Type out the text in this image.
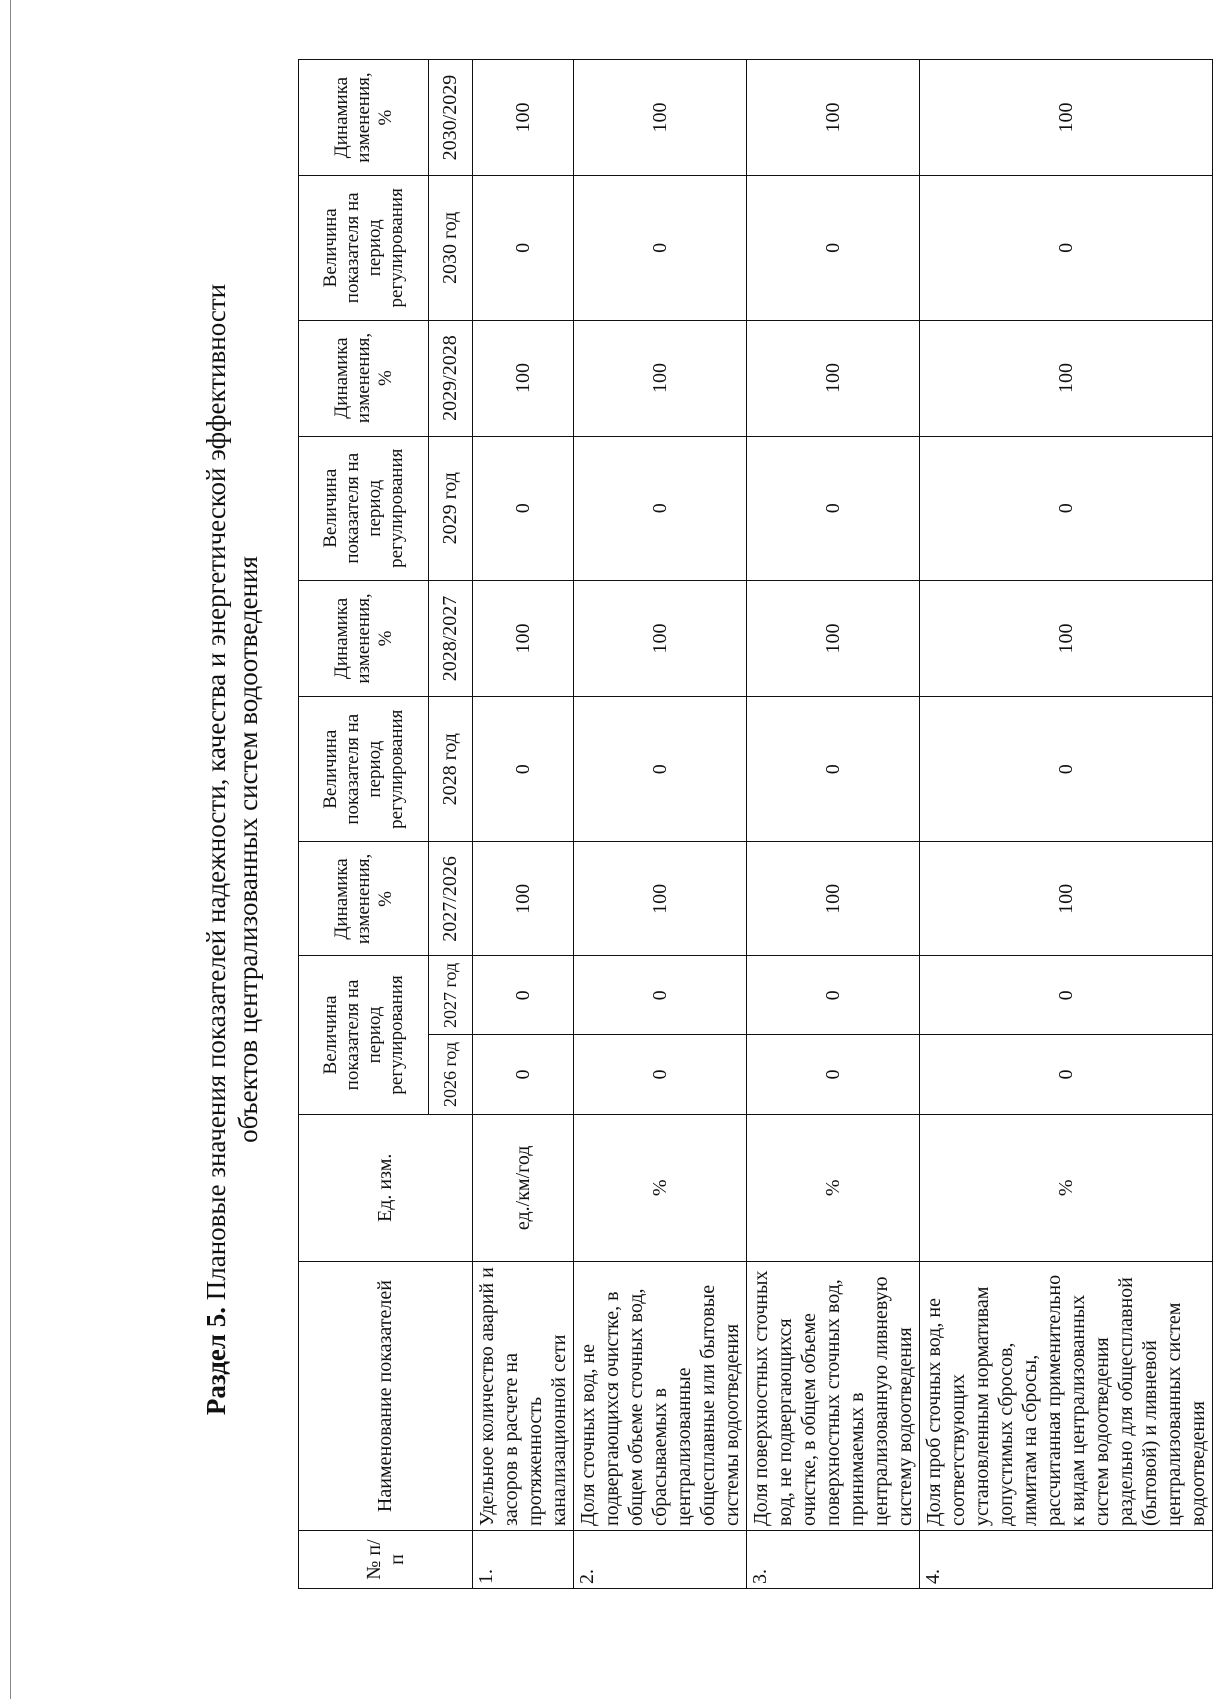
Раздел 5. Плановые значения показателей надежности, качества и энергетической эффективности
объектов централизованных систем водоотведения
№ п/п	Наименование показателей	Ед. изм.	Величина показателя на период регулирования		Динамика изменения, %	Величина показателя на период регулирования	Динамика изменения, %	Величина показателя на период регулирования	Динамика изменения, %	Величина показателя на период регулирования	Динамика изменения, %
			2026 год	2027 год	2027/2026	2028 год	2028/2027	2029 год	2029/2028	2030 год	2030/2029
1.	Удельное количество аварий и засоров в расчете на протяженность канализационной сети	ед./км/год	0	0	100	0	100	0	100	0	100
2.	Доля сточных вод, не подвергающихся очистке, в общем объеме сточных вод, сбрасываемых в централизованные общесплавные или бытовые системы водоотведения	%	0	0	100	0	100	0	100	0	100
3.	Доля поверхностных сточных вод, не подвергающихся очистке, в общем объеме поверхностных сточных вод, принимаемых в централизованную ливневую систему водоотведения	%	0	0	100	0	100	0	100	0	100
4.	Доля проб сточных вод, не соответствующих установленным нормативам допустимых сбросов, лимитам на сбросы, рассчитанная применительно к видам централизованных систем водоотведения раздельно для общесплавной (бытовой) и ливневой централизованных систем водоотведения	%	0	0	100	0	100	0	100	0	100
